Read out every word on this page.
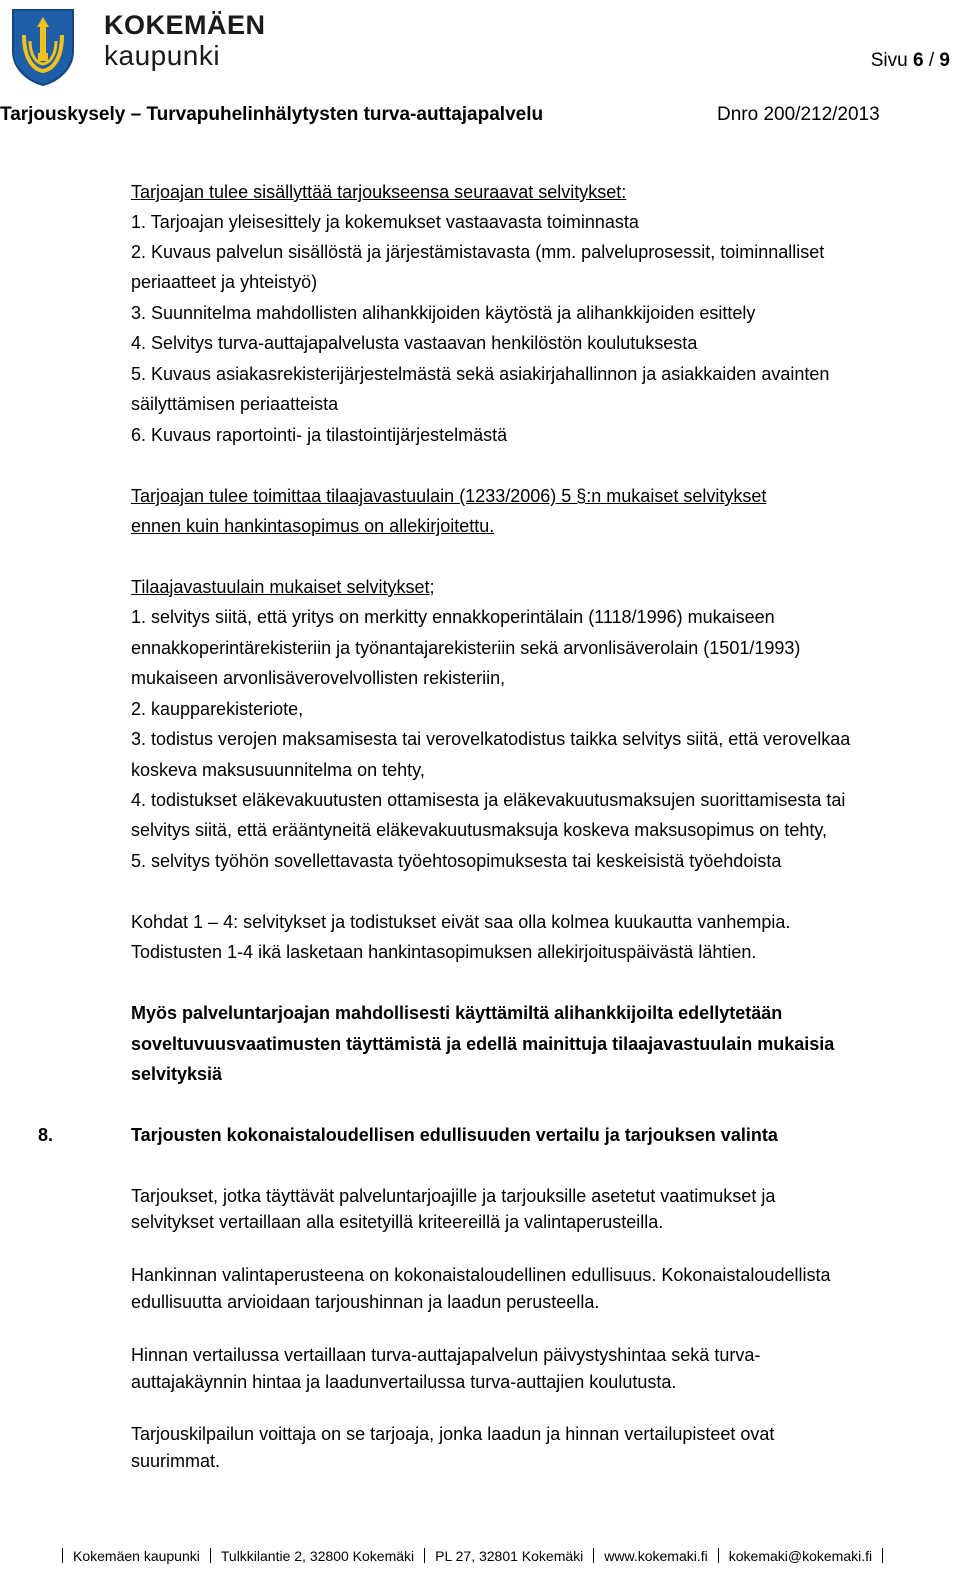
KOKEMÄEN
kaupunki	Sivu 6 / 9
Tarjouskysely – Turvapuhelinhälytysten turva-auttajapalvelu	Dnro 200/212/2013
Tarjoajan tulee sisällyttää tarjoukseensa seuraavat selvitykset:
1. Tarjoajan yleisesittely ja kokemukset vastaavasta toiminnasta
2. Kuvaus palvelun sisällöstä ja järjestämistavasta (mm. palveluprosessit, toiminnalliset
periaatteet ja yhteistyö)
3. Suunnitelma mahdollisten alihankkijoiden käytöstä ja alihankkijoiden esittely
4. Selvitys turva-auttajapalvelusta vastaavan henkilöstön koulutuksesta
5. Kuvaus asiakasrekisterijärjestelmästä sekä asiakirjahallinnon ja asiakkaiden avainten
säilyttämisen periaatteista
6. Kuvaus raportointi- ja tilastointijärjestelmästä
Tarjoajan tulee toimittaa tilaajavastuulain (1233/2006) 5 §:n mukaiset selvitykset
ennen kuin hankintasopimus on allekirjoitettu.
Tilaajavastuulain mukaiset selvitykset;
1. selvitys siitä, että yritys on merkitty ennakkoperintälain (1118/1996) mukaiseen
ennakkoperintärekisteriin ja työnantajarekisteriin sekä arvonlisäverolain (1501/1993)
mukaiseen arvonlisäverovelvollisten rekisteriin,
2. kaupparekisteriote,
3. todistus verojen maksamisesta tai verovelkatodistus taikka selvitys siitä, että verovelkaa
koskeva maksusuunnitelma on tehty,
4. todistukset eläkevakuutusten ottamisesta ja eläkevakuutusmaksujen suorittamisesta tai
selvitys siitä, että erääntyneitä eläkevakuutusmaksuja koskeva maksusopimus on tehty,
5. selvitys työhön sovellettavasta työehtosopimuksesta tai keskeisistä työehdoista
Kohdat 1 – 4: selvitykset ja todistukset eivät saa olla kolmea kuukautta vanhempia.
Todistusten 1-4 ikä lasketaan hankintasopimuksen allekirjoituspäivästä lähtien.
Myös palveluntarjoajan mahdollisesti käyttämiltä alihankkijoilta edellytetään
soveltuvuusvaatimusten täyttämistä ja edellä mainittuja tilaajavastuulain mukaisia
selvityksiä
8.	Tarjousten kokonaistaloudellisen edullisuuden vertailu ja tarjouksen valinta
Tarjoukset, jotka täyttävät palveluntarjoajille ja tarjouksille asetetut vaatimukset ja
selvitykset vertaillaan alla esitetyillä kriteereillä ja valintaperusteilla.
Hankinnan valintaperusteena on kokonaistaloudellinen edullisuus. Kokonaistaloudellista
edullisuutta arvioidaan tarjoushinnan ja laadun perusteella.
Hinnan vertailussa vertaillaan turva-auttajapalvelun päivystyshintaa sekä turva-
auttajakäynnin hintaa ja laadunvertailussa turva-auttajien koulutusta.
Tarjouskilpailun voittaja on se tarjoaja, jonka laadun ja hinnan vertailupisteet ovat
suurimmat.
Kokemäen kaupunki Tulkkilantie 2, 32800 Kokemäki PL 27, 32801 Kokemäki www.kokemaki.fi kokemaki@kokemaki.fi
